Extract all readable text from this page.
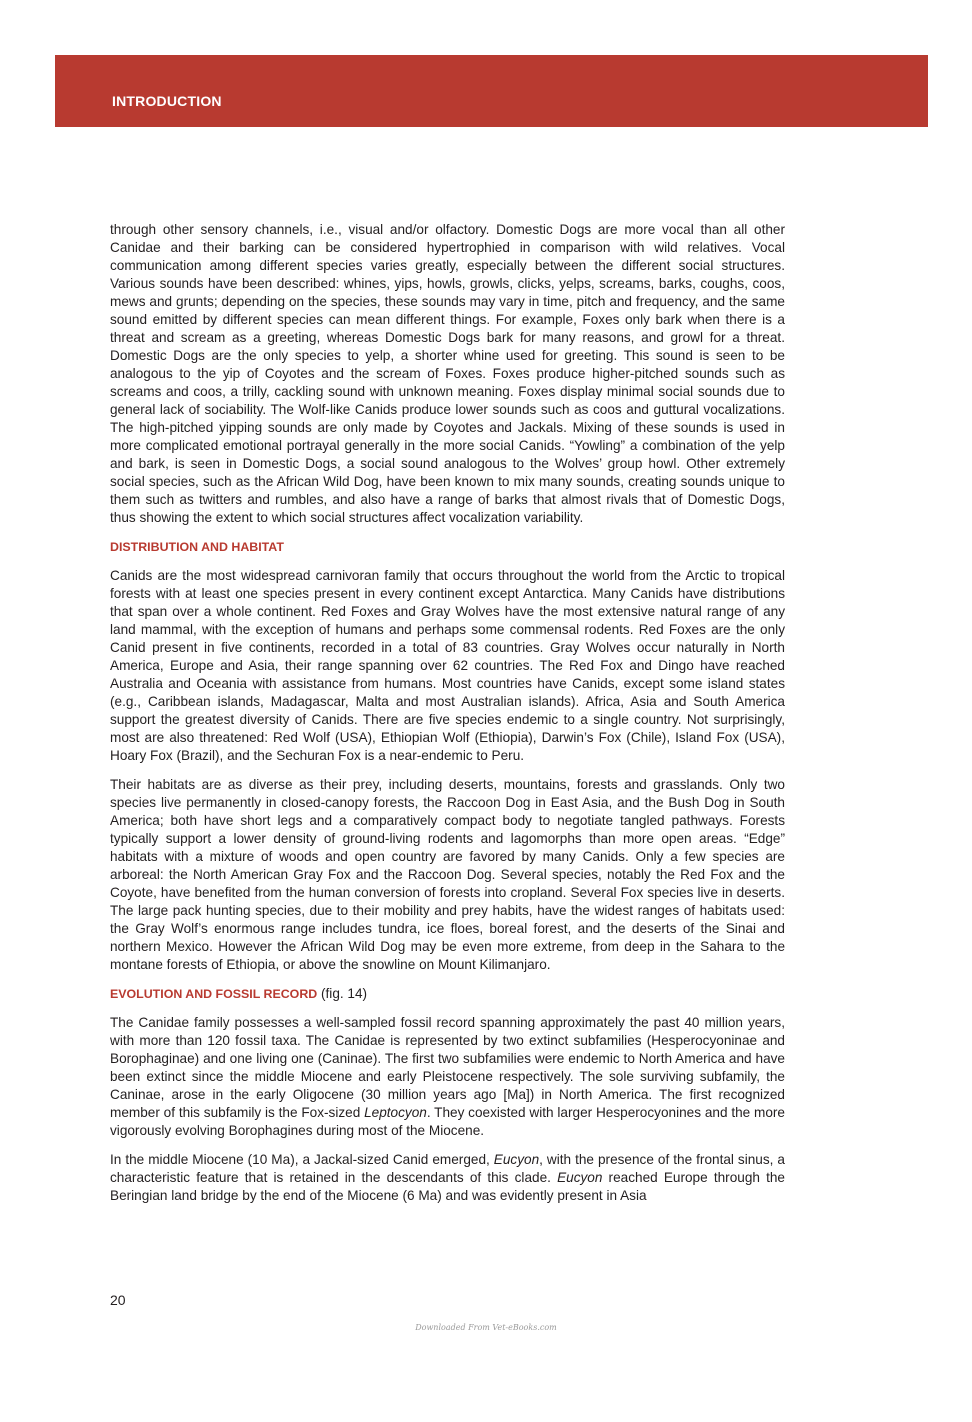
INTRODUCTION

through other sensory channels, i.e., visual and/or olfactory. Domestic Dogs are more vocal than all other Canidae and their barking can be considered hypertrophied in comparison with wild relatives. Vocal communication among different species varies greatly, especially between the different social structures. Various sounds have been described: whines, yips, howls, growls, clicks, yelps, screams, barks, coughs, coos, mews and grunts; depending on the species, these sounds may vary in time, pitch and frequency, and the same sound emitted by different species can mean different things. For example, Foxes only bark when there is a threat and scream as a greeting, whereas Domestic Dogs bark for many reasons, and growl for a threat. Domestic Dogs are the only species to yelp, a shorter whine used for greeting. This sound is seen to be analogous to the yip of Coyotes and the scream of Foxes. Foxes produce higher-pitched sounds such as screams and coos, a trilly, cackling sound with unknown meaning. Foxes display minimal social sounds due to general lack of sociability. The Wolf-like Canids produce lower sounds such as coos and guttural vocalizations. The high-pitched yipping sounds are only made by Coyotes and Jackals. Mixing of these sounds is used in more complicated emotional portrayal generally in the more social Canids. “Yowling” a combination of the yelp and bark, is seen in Domestic Dogs, a social sound analogous to the Wolves’ group howl. Other extremely social species, such as the African Wild Dog, have been known to mix many sounds, creating sounds unique to them such as twitters and rumbles, and also have a range of barks that almost rivals that of Domestic Dogs, thus showing the extent to which social structures affect vocalization variability.

DISTRIBUTION AND HABITAT

Canids are the most widespread carnivoran family that occurs throughout the world from the Arctic to tropical forests with at least one species present in every continent except Antarctica. Many Canids have distributions that span over a whole continent. Red Foxes and Gray Wolves have the most extensive natural range of any land mammal, with the exception of humans and perhaps some commensal rodents. Red Foxes are the only Canid present in five continents, recorded in a total of 83 countries. Gray Wolves occur naturally in North America, Europe and Asia, their range spanning over 62 countries. The Red Fox and Dingo have reached Australia and Oceania with assistance from humans. Most countries have Canids, except some island states (e.g., Caribbean islands, Madagascar, Malta and most Australian islands). Africa, Asia and South America support the greatest diversity of Canids. There are five species endemic to a single country. Not surprisingly, most are also threatened: Red Wolf (USA), Ethiopian Wolf (Ethiopia), Darwin’s Fox (Chile), Island Fox (USA), Hoary Fox (Brazil), and the Sechuran Fox is a near-endemic to Peru.

Their habitats are as diverse as their prey, including deserts, mountains, forests and grasslands. Only two species live permanently in closed-canopy forests, the Raccoon Dog in East Asia, and the Bush Dog in South America; both have short legs and a comparatively compact body to negotiate tangled pathways. Forests typically support a lower density of ground-living rodents and lagomorphs than more open areas. “Edge” habitats with a mixture of woods and open country are favored by many Canids. Only a few species are arboreal: the North American Gray Fox and the Raccoon Dog. Several species, notably the Red Fox and the Coyote, have benefited from the human conversion of forests into cropland. Several Fox species live in deserts. The large pack hunting species, due to their mobility and prey habits, have the widest ranges of habitats used: the Gray Wolf’s enormous range includes tundra, ice floes, boreal forest, and the deserts of the Sinai and northern Mexico. However the African Wild Dog may be even more extreme, from deep in the Sahara to the montane forests of Ethiopia, or above the snowline on Mount Kilimanjaro.

EVOLUTION AND FOSSIL RECORD (fig. 14)

The Canidae family possesses a well-sampled fossil record spanning approximately the past 40 million years, with more than 120 fossil taxa. The Canidae is represented by two extinct subfamilies (Hesperocyoninae and Borophaginae) and one living one (Caninae). The first two subfamilies were endemic to North America and have been extinct since the middle Miocene and early Pleistocene respectively. The sole surviving subfamily, the Caninae, arose in the early Oligocene (30 million years ago [Ma]) in North America. The first recognized member of this subfamily is the Fox-sized Leptocyon. They coexisted with larger Hesperocyonines and the more vigorously evolving Borophagines during most of the Miocene.

In the middle Miocene (10 Ma), a Jackal-sized Canid emerged, Eucyon, with the presence of the frontal sinus, a characteristic feature that is retained in the descendants of this clade. Eucyon reached Europe through the Beringian land bridge by the end of the Miocene (6 Ma) and was evidently present in Asia

20
Downloaded From Vet-eBooks.com
